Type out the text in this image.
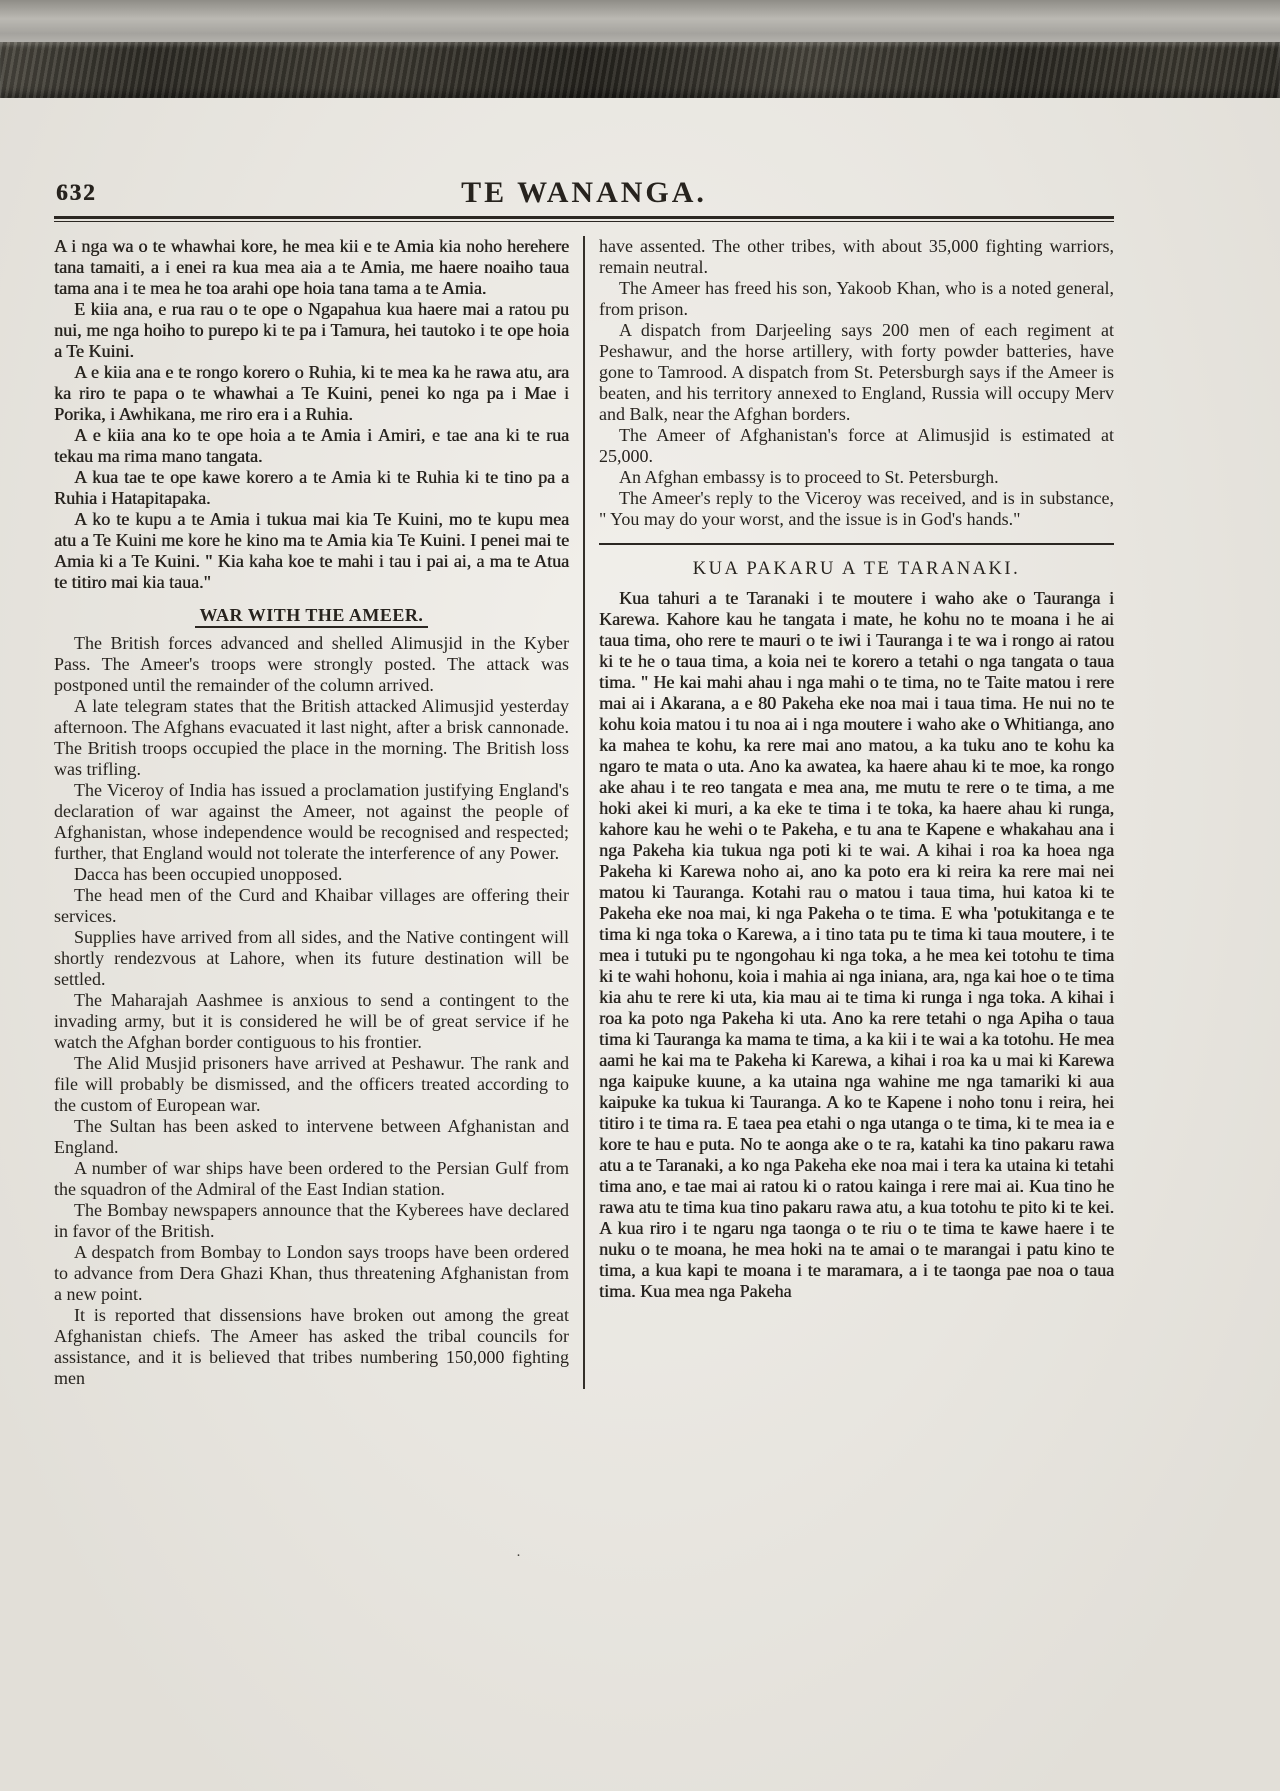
632	TE WANANGA.

A i nga wa o te whawhai kore, he mea kii e te Amia kia noho herehere tana tamaiti, a i enei ra kua mea aia a te Amia, me haere noaiho taua tama ana i te mea he toa arahi ope hoia tana tama a te Amia.

E kiia ana, e rua rau o te ope o Ngapahua kua haere mai a ratou pu nui, me nga hoiho to purepo ki te pa i Tamura, hei tautoko i te ope hoia a Te Kuini.

A e kiia ana e te rongo korero o Ruhia, ki te mea ka he rawa atu, ara ka riro te papa o te whawhai a Te Kuini, penei ko nga pa i Mae i Porika, i Awhikana, me riro era i a Ruhia.

A e kiia ana ko te ope hoia a te Amia i Amiri, e tae ana ki te rua tekau ma rima mano tangata.

A kua tae te ope kawe korero a te Amia ki te Ruhia ki te tino pa a Ruhia i Hatapitapaka.

A ko te kupu a te Amia i tukua mai kia Te Kuini, mo te kupu mea atu a Te Kuini me kore he kino ma te Amia kia Te Kuini. I penei mai te Amia ki a Te Kuini. " Kia kaha koe te mahi i tau i pai ai, a ma te Atua te titiro mai kia taua."

WAR WITH THE AMEER.

The British forces advanced and shelled Alimusjid in the Kyber Pass. The Ameer's troops were strongly posted. The attack was postponed until the remainder of the column arrived.

A late telegram states that the British attacked Alimusjid yesterday afternoon. The Afghans evacuated it last night, after a brisk cannonade. The British troops occupied the place in the morning. The British loss was trifling.

The Viceroy of India has issued a proclamation justifying England's declaration of war against the Ameer, not against the people of Afghanistan, whose independence would be recognised and respected; further, that England would not tolerate the interference of any Power.

Dacca has been occupied unopposed.

The head men of the Curd and Khaibar villages are offering their services.

Supplies have arrived from all sides, and the Native contingent will shortly rendezvous at Lahore, when its future destination will be settled.

The Maharajah Aashmee is anxious to send a contingent to the invading army, but it is considered he will be of great service if he watch the Afghan border contiguous to his frontier.

The Alid Musjid prisoners have arrived at Peshawur. The rank and file will probably be dismissed, and the officers treated according to the custom of European war.

The Sultan has been asked to intervene between Afghanistan and England.

A number of war ships have been ordered to the Persian Gulf from the squadron of the Admiral of the East Indian station.

The Bombay newspapers announce that the Kyberees have declared in favor of the British.

A despatch from Bombay to London says troops have been ordered to advance from Dera Ghazi Khan, thus threatening Afghanistan from a new point.

It is reported that dissensions have broken out among the great Afghanistan chiefs. The Ameer has asked the tribal councils for assistance, and it is believed that tribes numbering 150,000 fighting men

have assented. The other tribes, with about 35,000 fighting warriors, remain neutral.

The Ameer has freed his son, Yakoob Khan, who is a noted general, from prison.

A dispatch from Darjeeling says 200 men of each regiment at Peshawur, and the horse artillery, with forty powder batteries, have gone to Tamrood. A dispatch from St. Petersburgh says if the Ameer is beaten, and his territory annexed to England, Russia will occupy Merv and Balk, near the Afghan borders.

The Ameer of Afghanistan's force at Alimusjid is estimated at 25,000.

An Afghan embassy is to proceed to St. Petersburgh.

The Ameer's reply to the Viceroy was received, and is in substance, " You may do your worst, and the issue is in God's hands."

KUA PAKARU A TE TARANAKI.

Kua tahuri a te Taranaki i te moutere i waho ake o Tauranga i Karewa. Kahore kau he tangata i mate, he kohu no te moana i he ai taua tima, oho rere te mauri o te iwi i Tauranga i te wa i rongo ai ratou ki te he o taua tima, a koia nei te korero a tetahi o nga tangata o taua tima. " He kai mahi ahau i nga mahi o te tima, no te Taite matou i rere mai ai i Akarana, a e 80 Pakeha eke noa mai i taua tima. He nui no te kohu koia matou i tu noa ai i nga moutere i waho ake o Whitianga, ano ka mahea te kohu, ka rere mai ano matou, a ka tuku ano te kohu ka ngaro te mata o uta. Ano ka awatea, ka haere ahau ki te moe, ka rongo ake ahau i te reo tangata e mea ana, me mutu te rere o te tima, a me hoki akei ki muri, a ka eke te tima i te toka, ka haere ahau ki runga, kahore kau he wehi o te Pakeha, e tu ana te Kapene e whakahau ana i nga Pakeha kia tukua nga poti ki te wai. A kihai i roa ka hoea nga Pakeha ki Karewa noho ai, ano ka poto era ki reira ka rere mai nei matou ki Tauranga. Kotahi rau o matou i taua tima, hui katoa ki te Pakeha eke noa mai, ki nga Pakeha o te tima. E wha 'potukitanga e te tima ki nga toka o Karewa, a i tino tata pu te tima ki taua moutere, i te mea i tutuki pu te ngongohau ki nga toka, a he mea kei totohu te tima ki te wahi hohonu, koia i mahia ai nga iniana, ara, nga kai hoe o te tima kia ahu te rere ki uta, kia mau ai te tima ki runga i nga toka. A kihai i roa ka poto nga Pakeha ki uta. Ano ka rere tetahi o nga Apiha o taua tima ki Tauranga ka mama te tima, a ka kii i te wai a ka totohu. He mea aami he kai ma te Pakeha ki Karewa, a kihai i roa ka u mai ki Karewa nga kaipuke kuune, a ka utaina nga wahine me nga tamariki ki aua kaipuke ka tukua ki Tauranga. A ko te Kapene i noho tonu i reira, hei titiro i te tima ra. E taea pea etahi o nga utanga o te tima, ki te mea ia e kore te hau e puta. No te aonga ake o te ra, katahi ka tino pakaru rawa atu a te Taranaki, a ko nga Pakeha eke noa mai i tera ka utaina ki tetahi tima ano, e tae mai ai ratou ki o ratou kainga i rere mai ai. Kua tino he rawa atu te tima kua tino pakaru rawa atu, a kua totohu te pito ki te kei. A kua riro i te ngaru nga taonga o te riu o te tima te kawe haere i te nuku o te moana, he mea hoki na te amai o te marangai i patu kino te tima, a kua kapi te moana i te maramara, a i te taonga pae noa o taua tima. Kua mea nga Pakeha

·
